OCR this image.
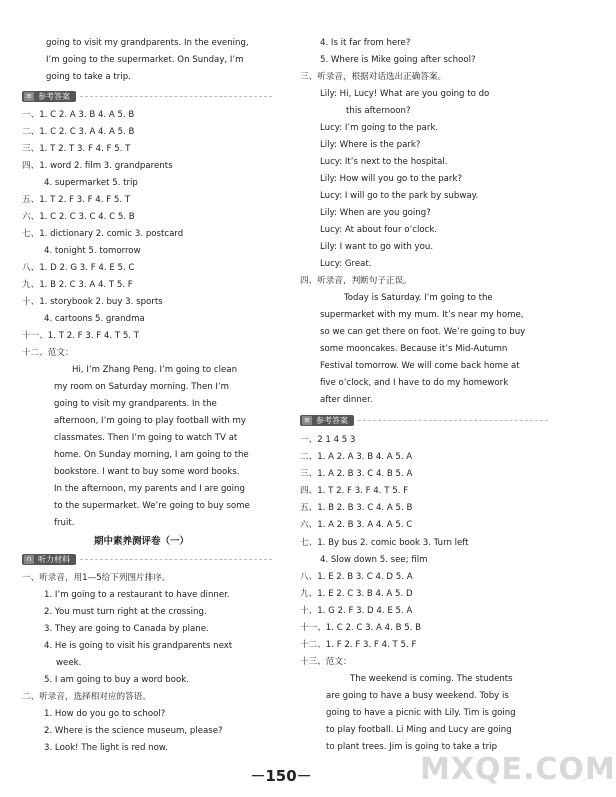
going to visit my grandparents. In the evening,
I’m going to the supermarket. On Sunday, I’m
going to take a trip.
≡ 参考答案
一、1. C 2. A 3. B 4. A 5. B
二、1. C 2. C 3. A 4. A 5. B
三、1. T 2. T 3. F 4. F 5. T
四、1. word 2. film 3. grandparents
4. supermarket 5. trip
五、1. T 2. F 3. F 4. F 5. T
六、1. C 2. C 3. C 4. C 5. B
七、1. dictionary 2. comic 3. postcard
4. tonight 5. tomorrow
八、1. D 2. G 3. F 4. E 5. C
九、1. B 2. C 3. A 4. T 5. F
十、1. storybook 2. buy 3. sports
4. cartoons 5. grandma
十一、1. T 2. F 3. F 4. T 5. T
十二、范文：
Hi, I’m Zhang Peng. I’m going to clean
my room on Saturday morning. Then I’m
going to visit my grandparents. In the
afternoon, I’m going to play football with my
classmates. Then I’m going to watch TV at
home. On Sunday morning, I am going to the
bookstore. I want to buy some word books.
In the afternoon, my parents and I are going
to the supermarket. We’re going to buy some
fruit.
期中素养测评卷（一）
∩ 听力材料
一、听录音，用1—5给下列图片排序。
1. I’m going to a restaurant to have dinner.
2. You must turn right at the crossing.
3. They are going to Canada by plane.
4. He is going to visit his grandparents next
week.
5. I am going to buy a word book.
二、听录音，选择相对应的答语。
1. How do you go to school?
2. Where is the science museum, please?
3. Look! The light is red now.
4. Is it far from here?
5. Where is Mike going after school?
三、听录音，根据对话选出正确答案。
Lily: Hi, Lucy! What are you going to do
this afternoon?
Lucy: I’m going to the park.
Lily: Where is the park?
Lucy: It’s next to the hospital.
Lily: How will you go to the park?
Lucy: I will go to the park by subway.
Lily: When are you going?
Lucy: At about four o’clock.
Lily: I want to go with you.
Lucy: Great.
四、听录音，判断句子正误。
Today is Saturday. I’m going to the
supermarket with my mum. It’s near my home,
so we can get there on foot. We’re going to buy
some mooncakes. Because it’s Mid-Autumn
Festival tomorrow. We will come back home at
five o’clock, and I have to do my homework
after dinner.
≡ 参考答案
一、2 1 4 5 3
二、1. A 2. A 3. B 4. A 5. A
三、1. A 2. B 3. C 4. B 5. A
四、1. T 2. F 3. F 4. T 5. F
五、1. B 2. B 3. C 4. A 5. B
六、1. A 2. B 3. A 4. A 5. C
七、1. By bus 2. comic book 3. Turn left
4. Slow down 5. see; film
八、1. E 2. B 3. C 4. D 5. A
九、1. E 2. C 3. B 4. A 5. D
十、1. G 2. F 3. D 4. E 5. A
十一、1. C 2. C 3. A 4. B 5. B
十二、1. F 2. F 3. F 4. T 5. F
十三、范文：
The weekend is coming. The students
are going to have a busy weekend. Toby is
going to have a picnic with Lily. Tim is going
to play football. Li Ming and Lucy are going
to plant trees. Jim is going to take a trip
MXQE.COM
－150－
